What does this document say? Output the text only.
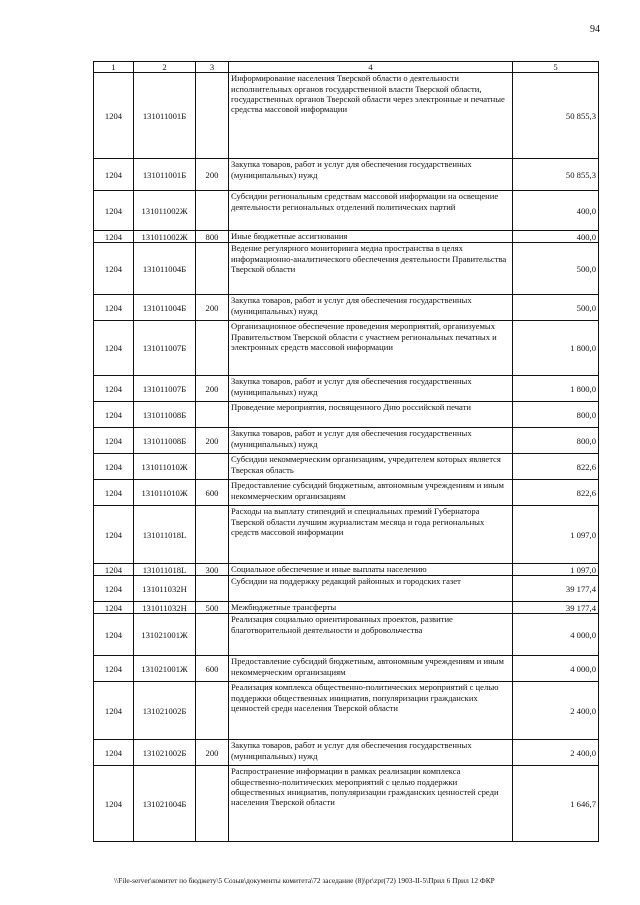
94
1	2	3	4	5
1204	131011001Б		Информирование населения Тверской области о деятельности исполнительных органов государственной власти Тверской области, государственных органов Тверской области через электронные и печатные средства массовой информации	50 855,3
1204	131011001Б	200	Закупка товаров, работ и услуг для обеспечения государственных (муниципальных) нужд	50 855,3
1204	131011002Ж		Субсидии региональным средствам массовой информации на освещение деятельности региональных отделений политических партий	400,0
1204	131011002Ж	800	Иные бюджетные ассигнования	400,0
1204	131011004Б		Ведение регулярного мониторинга медиа пространства в целях информационно-аналитического обеспечения деятельности Правительства Тверской области	500,0
1204	131011004Б	200	Закупка товаров, работ и услуг для обеспечения государственных (муниципальных) нужд	500,0
1204	131011007Б		Организационное обеспечение проведения мероприятий, организуемых Правительством Тверской области с участием региональных печатных и электронных средств массовой информации	1 800,0
1204	131011007Б	200	Закупка товаров, работ и услуг для обеспечения государственных (муниципальных) нужд	1 800,0
1204	131011008Б		Проведение мероприятия, посвященного Дню российской печати	800,0
1204	131011008Б	200	Закупка товаров, работ и услуг для обеспечения государственных (муниципальных) нужд	800,0
1204	131011010Ж		Субсидии некоммерческим организациям, учредителем которых является Тверская область	822,6
1204	131011010Ж	600	Предоставление субсидий бюджетным, автономным учреждениям и иным некоммерческим организациям	822,6
1204	131011018L		Расходы на выплату стипендий и специальных премий Губернатора Тверской области лучшим журналистам месяца и года региональных средств массовой информации	1 097,0
1204	131011018L	300	Социальное обеспечение и иные выплаты населению	1 097,0
1204	131011032Н		Субсидии на поддержку редакций районных и городских газет	39 177,4
1204	131011032Н	500	Межбюджетные трансферты	39 177,4
1204	131021001Ж		Реализация социально ориентированных проектов, развитие благотворительной деятельности и добровольчества	4 000,0
1204	131021001Ж	600	Предоставление субсидий бюджетным, автономным учреждениям и иным некоммерческим организациям	4 000,0
1204	131021002Б		Реализация комплекса общественно-политических мероприятий с целью поддержки общественных инициатив, популяризации гражданских ценностей среди населения Тверской области	2 400,0
1204	131021002Б	200	Закупка товаров, работ и услуг для обеспечения государственных (муниципальных) нужд	2 400,0
1204	131021004Б		Распространение информации в рамках реализации комплекса общественно-политических мероприятий с целью поддержки общественных инициатив, популяризации гражданских ценностей среди населения Тверской области	1 646,7
\\File-server\комитет по бюджету\5 Созыв\документы комитета\72 заседание (8)\pr\zpr(72) 1903-II-5\Прил 6 Прил 12 ФКР
